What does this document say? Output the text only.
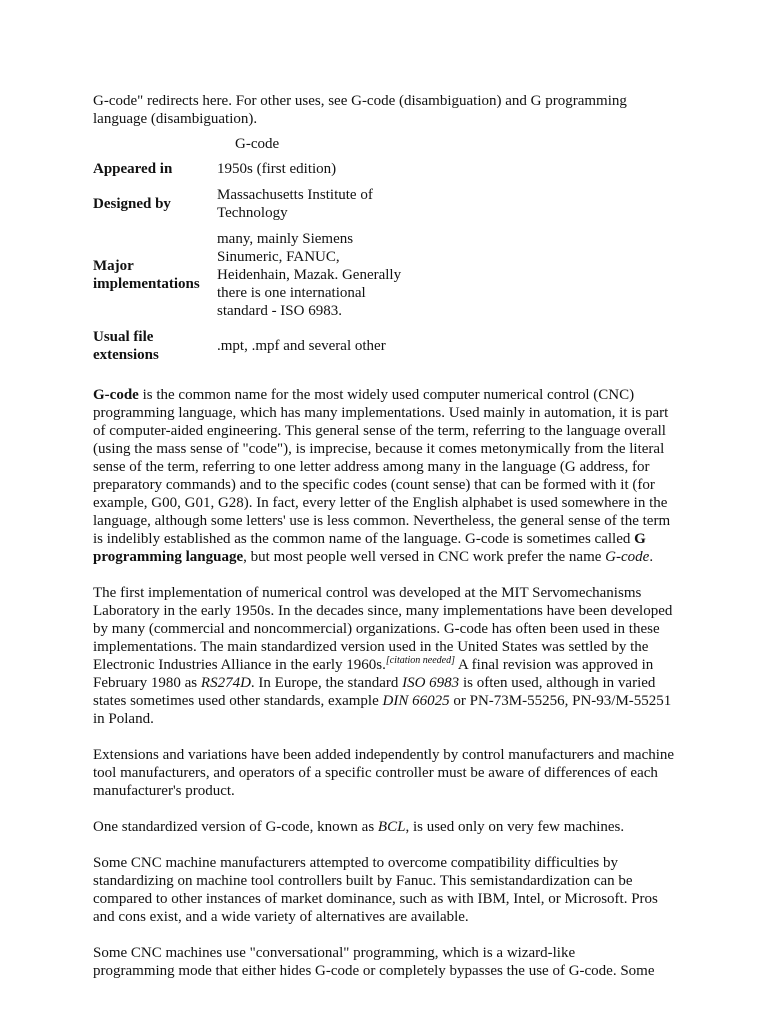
G-code" redirects here. For other uses, see G-code (disambiguation) and G programming language (disambiguation).

G-code
Appeared in	1950s (first edition)
Designed by	Massachusetts Institute of Technology
Major implementations	many, mainly Siemens Sinumeric, FANUC, Heidenhain, Mazak. Generally there is one international standard - ISO 6983.
Usual file extensions	.mpt, .mpf and several other

G-code is the common name for the most widely used computer numerical control (CNC) programming language, which has many implementations. Used mainly in automation, it is part of computer-aided engineering. This general sense of the term, referring to the language overall (using the mass sense of "code"), is imprecise, because it comes metonymically from the literal sense of the term, referring to one letter address among many in the language (G address, for preparatory commands) and to the specific codes (count sense) that can be formed with it (for example, G00, G01, G28). In fact, every letter of the English alphabet is used somewhere in the language, although some letters' use is less common. Nevertheless, the general sense of the term is indelibly established as the common name of the language. G-code is sometimes called G programming language, but most people well versed in CNC work prefer the name G-code.

The first implementation of numerical control was developed at the MIT Servomechanisms Laboratory in the early 1950s. In the decades since, many implementations have been developed by many (commercial and noncommercial) organizations. G-code has often been used in these implementations. The main standardized version used in the United States was settled by the Electronic Industries Alliance in the early 1960s.[citation needed] A final revision was approved in February 1980 as RS274D. In Europe, the standard ISO 6983 is often used, although in varied states sometimes used other standards, example DIN 66025 or PN-73M-55256, PN-93/M-55251 in Poland.

Extensions and variations have been added independently by control manufacturers and machine tool manufacturers, and operators of a specific controller must be aware of differences of each manufacturer's product.

One standardized version of G-code, known as BCL, is used only on very few machines.

Some CNC machine manufacturers attempted to overcome compatibility difficulties by standardizing on machine tool controllers built by Fanuc. This semistandardization can be compared to other instances of market dominance, such as with IBM, Intel, or Microsoft. Pros and cons exist, and a wide variety of alternatives are available.

Some CNC machines use "conversational" programming, which is a wizard-like
programming mode that either hides G-code or completely bypasses the use of G-code. Some
